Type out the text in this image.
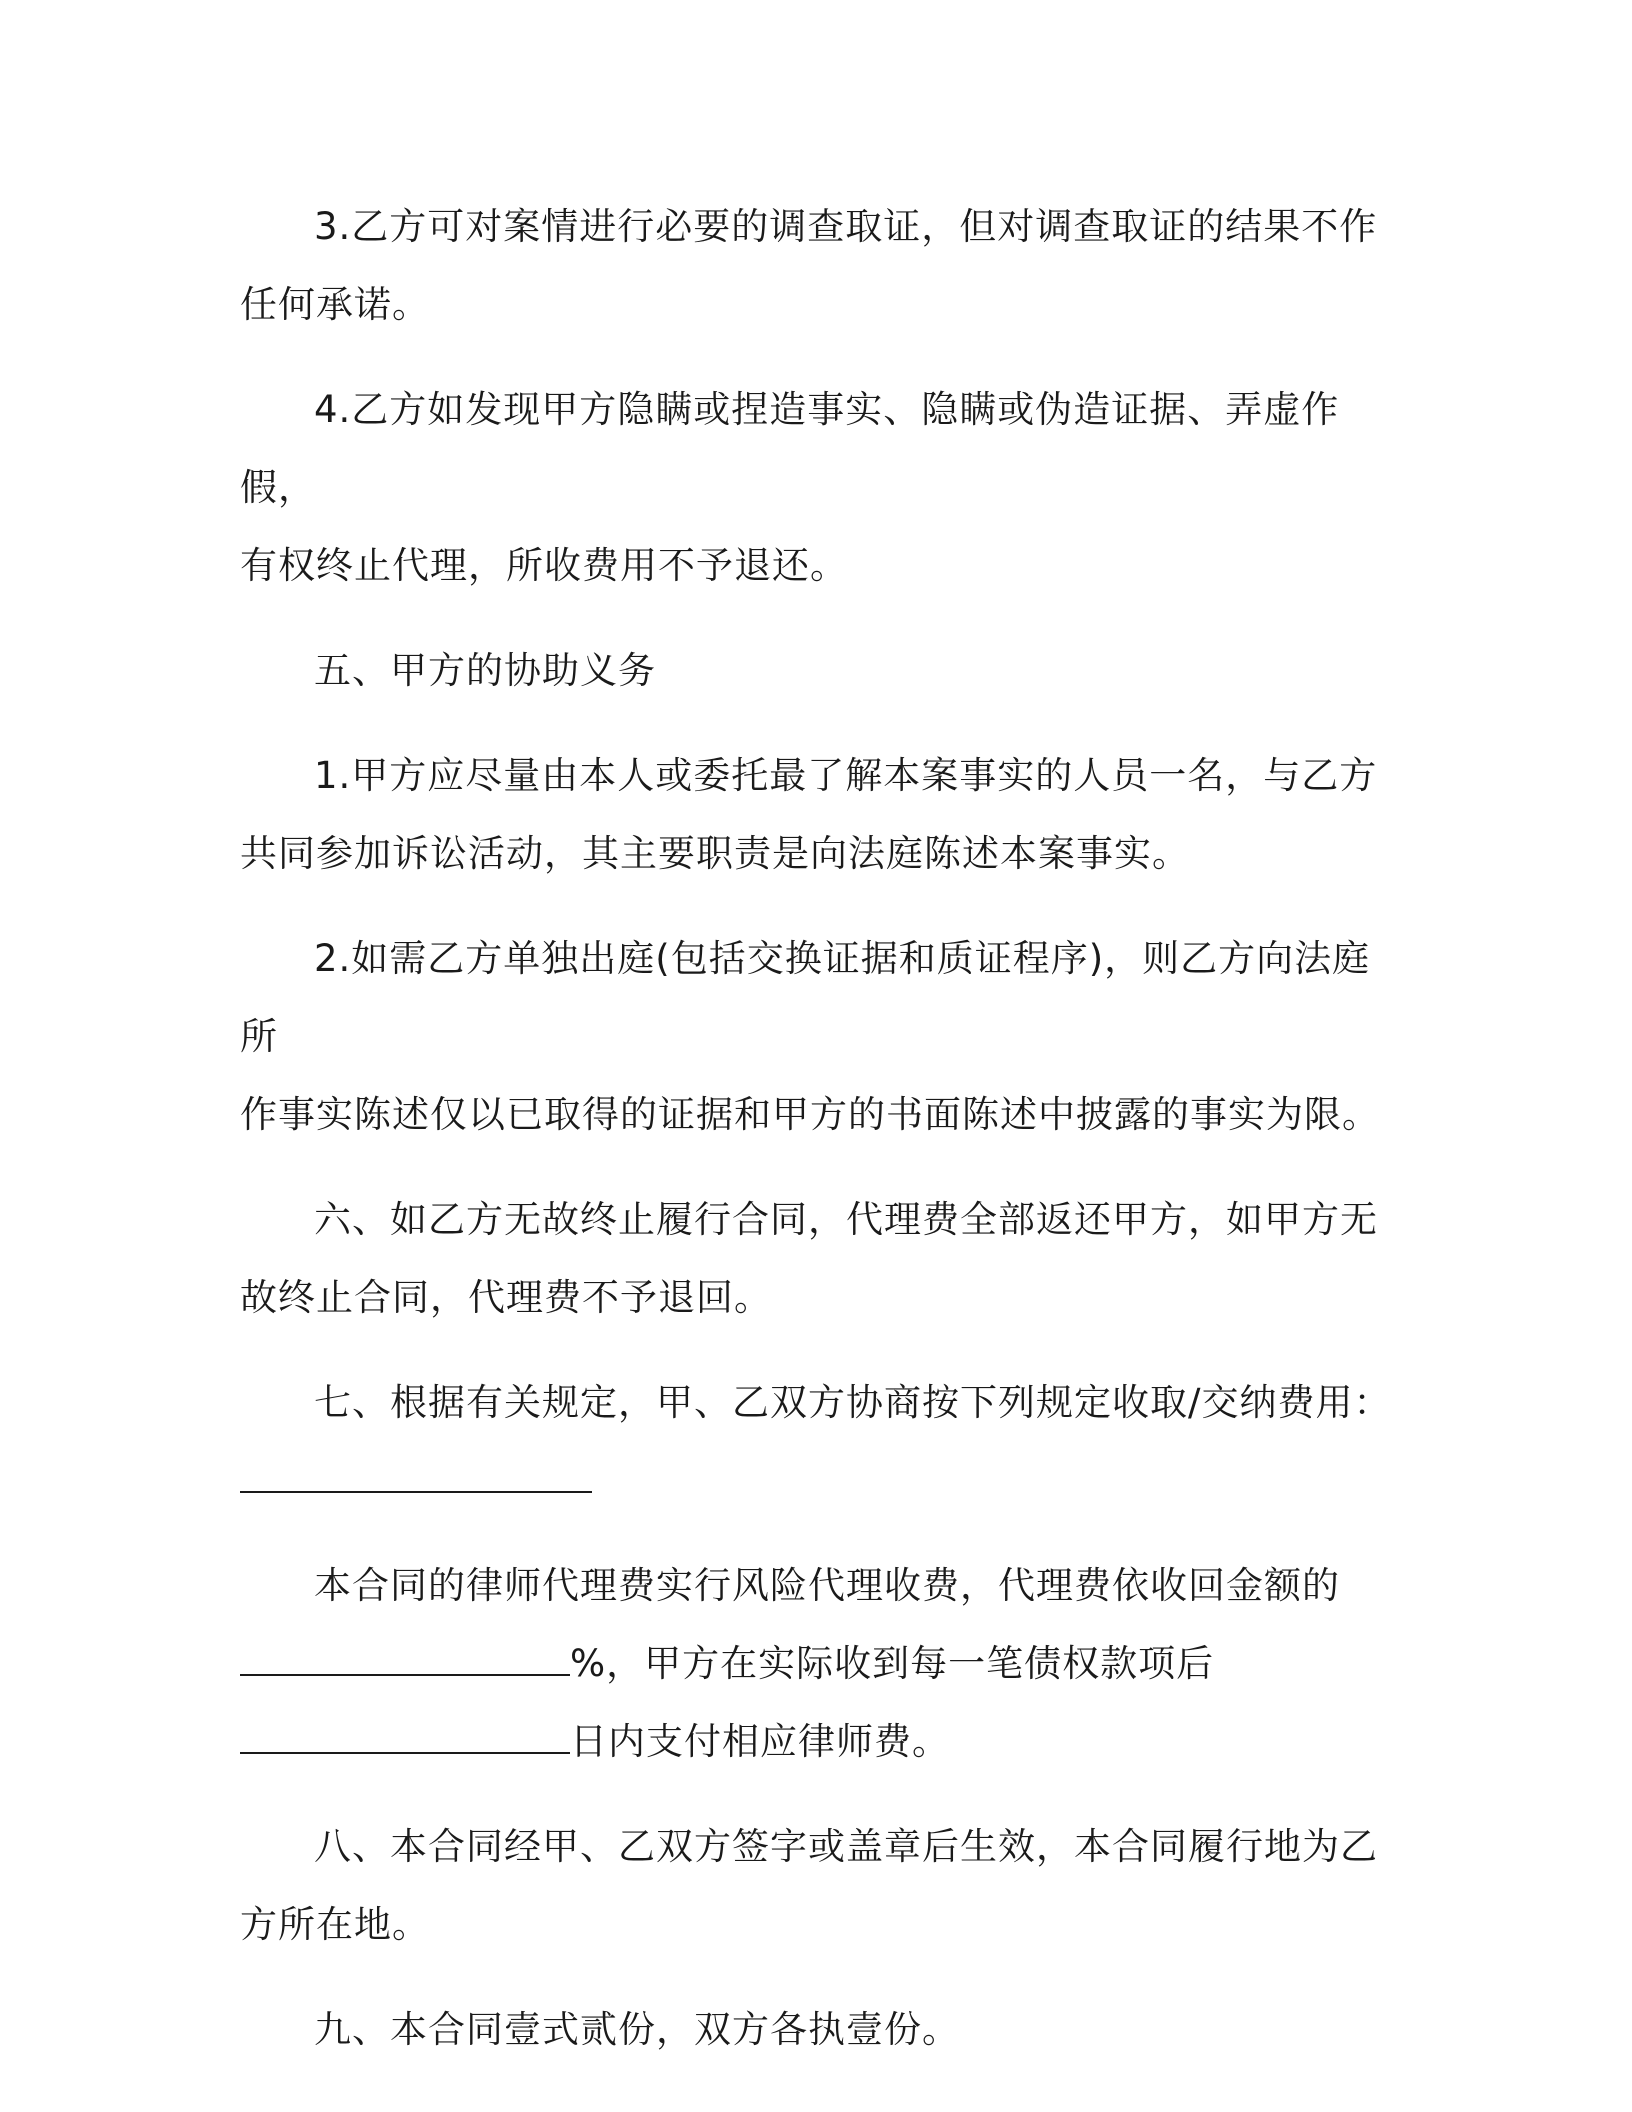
3.乙方可对案情进行必要的调查取证，但对调查取证的结果不作
任何承诺。

4.乙方如发现甲方隐瞒或捏造事实、隐瞒或伪造证据、弄虚作假，
有权终止代理，所收费用不予退还。

五、甲方的协助义务

1.甲方应尽量由本人或委托最了解本案事实的人员一名，与乙方
共同参加诉讼活动，其主要职责是向法庭陈述本案事实。

2.如需乙方单独出庭(包括交换证据和质证程序)，则乙方向法庭所
作事实陈述仅以已取得的证据和甲方的书面陈述中披露的事实为限。

六、如乙方无故终止履行合同，代理费全部返还甲方，如甲方无
故终止合同，代理费不予退回。

七、根据有关规定，甲、乙双方协商按下列规定收取/交纳费用：

本合同的律师代理费实行风险代理收费，代理费依收回金额的
%，甲方在实际收到每一笔债权款项后
日内支付相应律师费。

八、本合同经甲、乙双方签字或盖章后生效，本合同履行地为乙
方所在地。

九、本合同壹式贰份，双方各执壹份。
